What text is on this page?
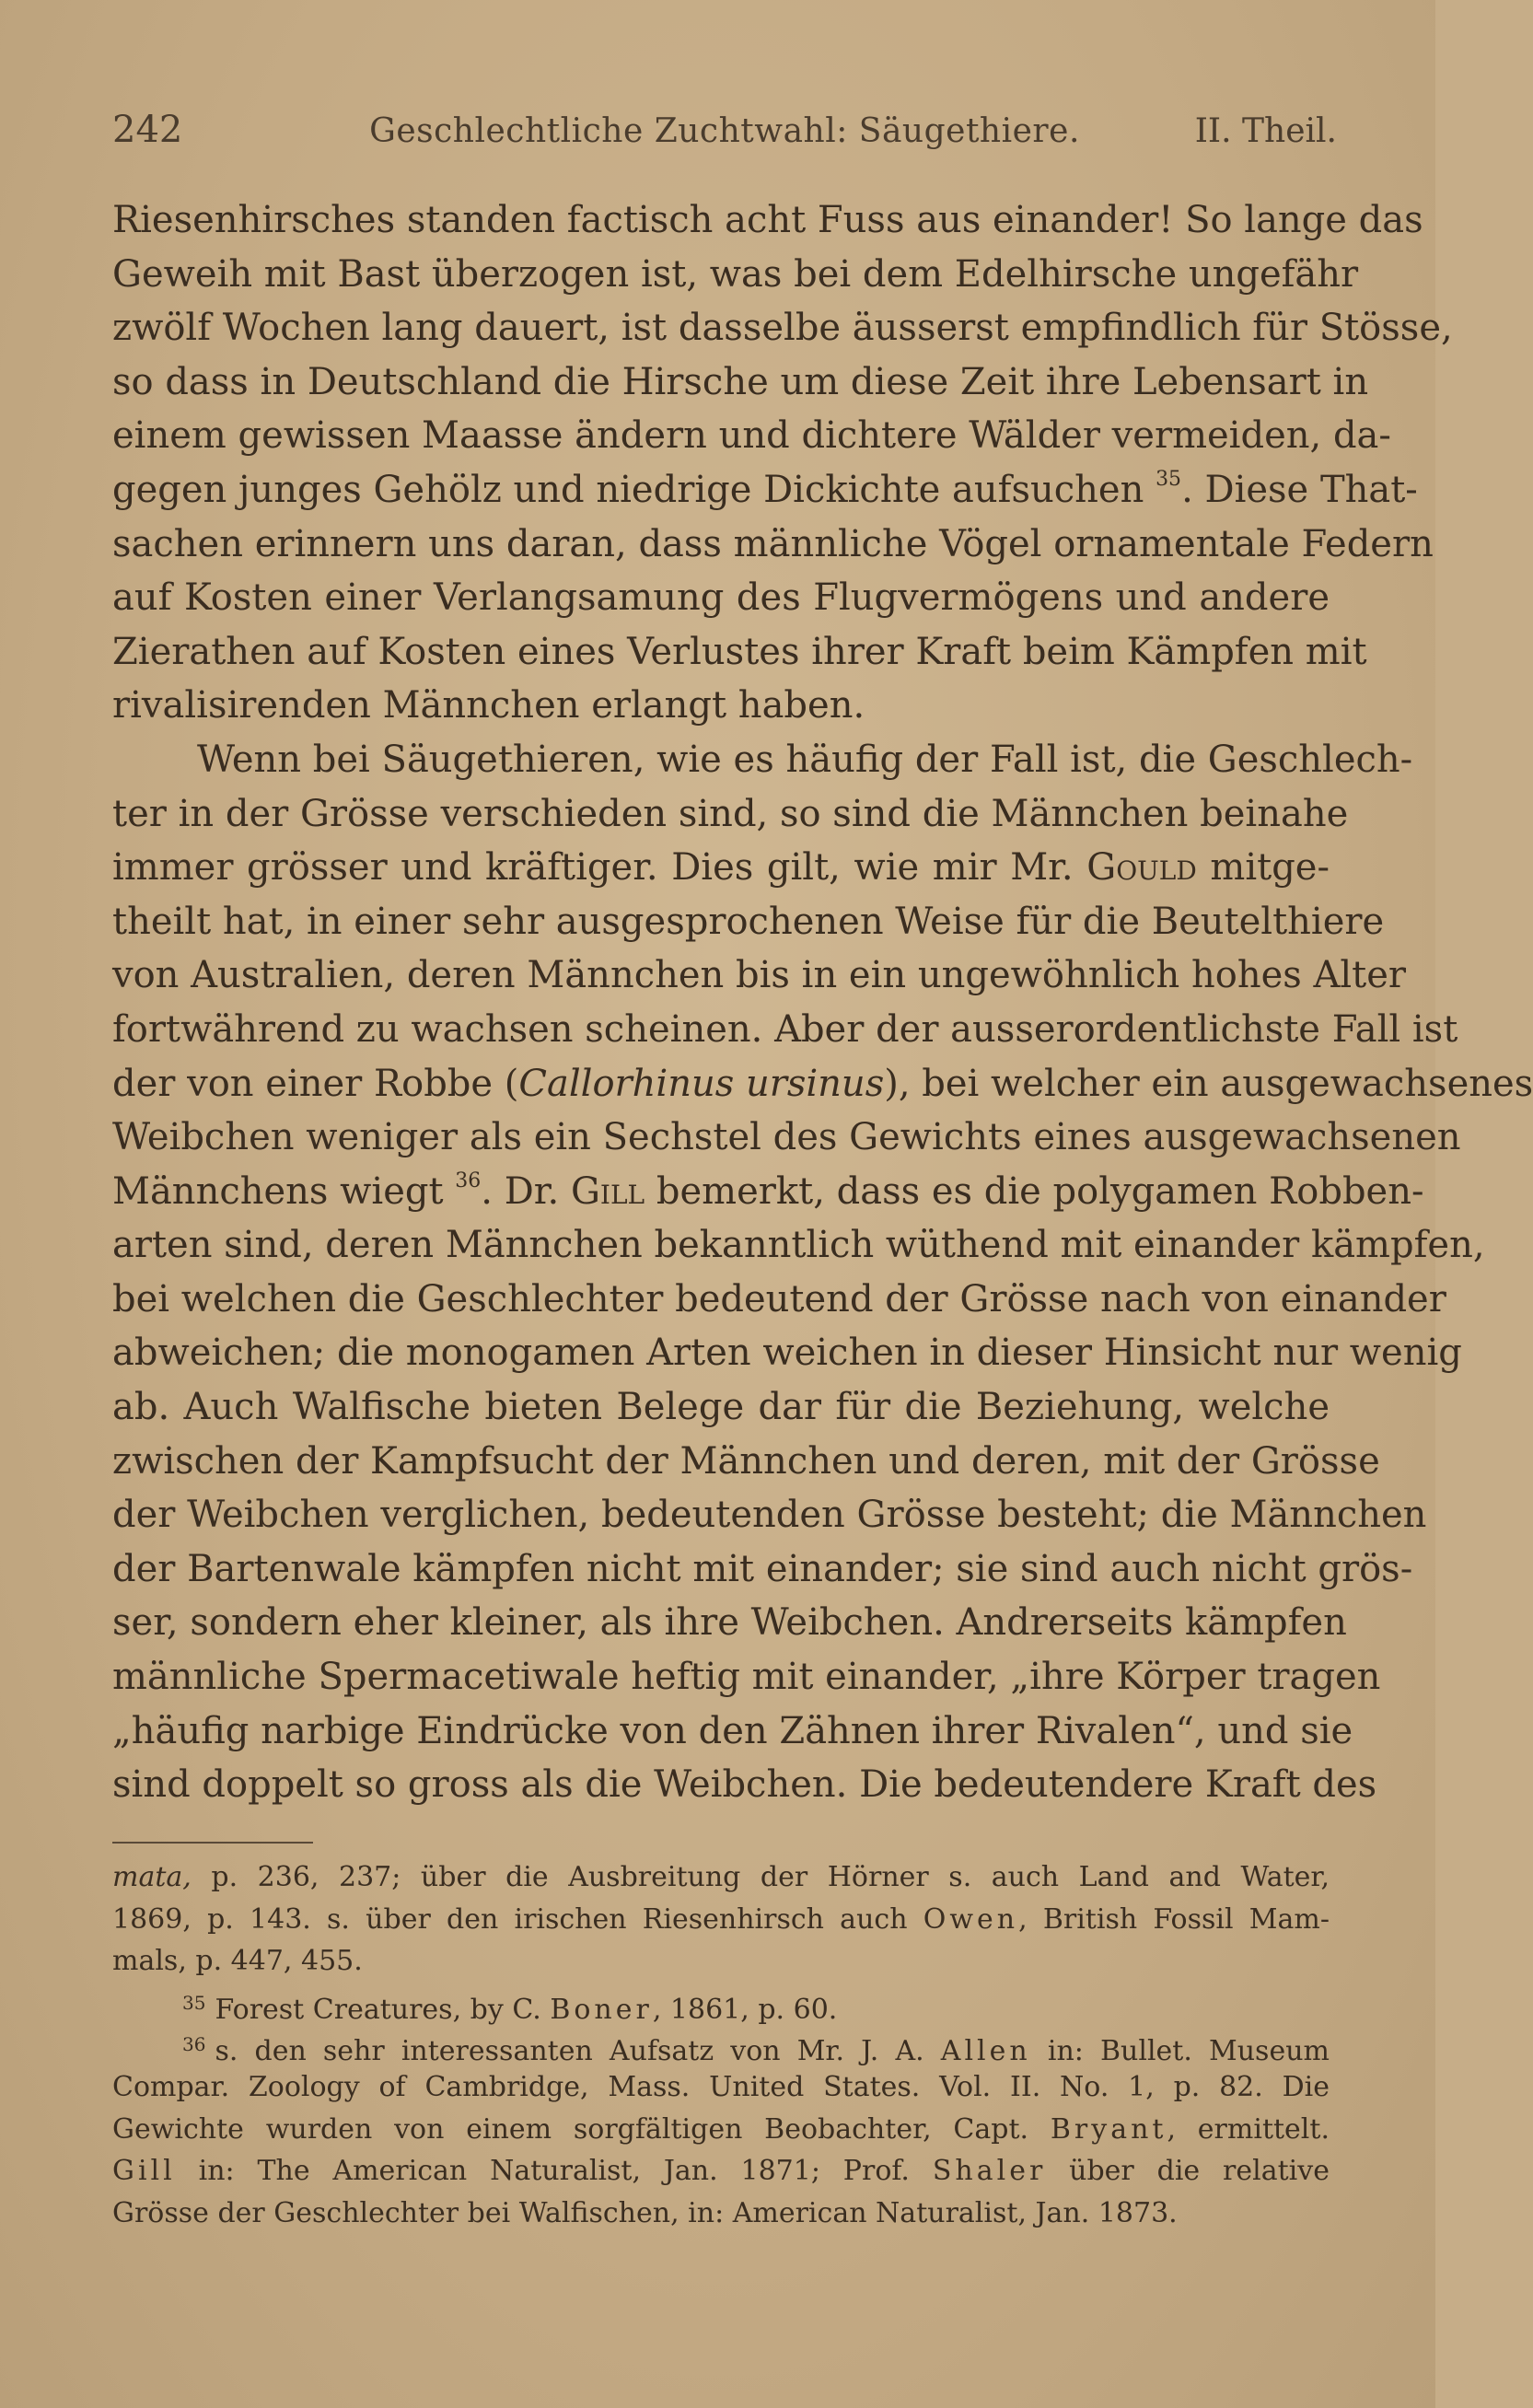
242	Geschlechtliche Zuchtwahl: Säugethiere.	II. Theil.
Riesenhirsches standen factisch acht Fuss aus einander! So lange das
Geweih mit Bast überzogen ist, was bei dem Edelhirsche ungefähr
zwölf Wochen lang dauert, ist dasselbe äusserst empfindlich für Stösse,
so dass in Deutschland die Hirsche um diese Zeit ihre Lebensart in
einem gewissen Maasse ändern und dichtere Wälder vermeiden, da-
gegen junges Gehölz und niedrige Dickichte aufsuchen $^{35}$. Diese That-
sachen erinnern uns daran, dass männliche Vögel ornamentale Federn
auf Kosten einer Verlangsamung des Flugvermögens und andere
Zierathen auf Kosten eines Verlustes ihrer Kraft beim Kämpfen mit
rivalisirenden Männchen erlangt haben.
Wenn bei Säugethieren, wie es häufig der Fall ist, die Geschlech-
ter in der Grösse verschieden sind, so sind die Männchen beinahe
immer grösser und kräftiger. Dies gilt, wie mir Mr. Gould mitge-
theilt hat, in einer sehr ausgesprochenen Weise für die Beutelthiere
von Australien, deren Männchen bis in ein ungewöhnlich hohes Alter
fortwährend zu wachsen scheinen. Aber der ausserordentlichste Fall ist
der von einer Robbe (Callorhinus ursinus), bei welcher ein ausgewachsenes
Weibchen weniger als ein Sechstel des Gewichts eines ausgewachsenen
Männchens wiegt $^{36}$. Dr. Gill bemerkt, dass es die polygamen Robben-
arten sind, deren Männchen bekanntlich wüthend mit einander kämpfen,
bei welchen die Geschlechter bedeutend der Grösse nach von einander
abweichen; die monogamen Arten weichen in dieser Hinsicht nur wenig
ab. Auch Walfische bieten Belege dar für die Beziehung, welche
zwischen der Kampfsucht der Männchen und deren, mit der Grösse
der Weibchen verglichen, bedeutenden Grösse besteht; die Männchen
der Bartenwale kämpfen nicht mit einander; sie sind auch nicht grös-
ser, sondern eher kleiner, als ihre Weibchen. Andrerseits kämpfen
männliche Spermacetiwale heftig mit einander, „ihre Körper tragen
„häufig narbige Eindrücke von den Zähnen ihrer Rivalen“, und sie
sind doppelt so gross als die Weibchen. Die bedeutendere Kraft des
mata, p. 236, 237; über die Ausbreitung der Hörner s. auch Land and Water,
1869, p. 143. s. über den irischen Riesenhirsch auch Owen, British Fossil Mam-
mals, p. 447, 455.
$^{35}$ Forest Creatures, by C. Boner, 1861, p. 60.
$^{36}$ s. den sehr interessanten Aufsatz von Mr. J. A. Allen in: Bullet. Museum
Compar. Zoology of Cambridge, Mass. United States. Vol. II. No. 1, p. 82. Die
Gewichte wurden von einem sorgfältigen Beobachter, Capt. Bryant, ermittelt.
Gill in: The American Naturalist, Jan. 1871; Prof. Shaler über die relative
Grösse der Geschlechter bei Walfischen, in: American Naturalist, Jan. 1873.
